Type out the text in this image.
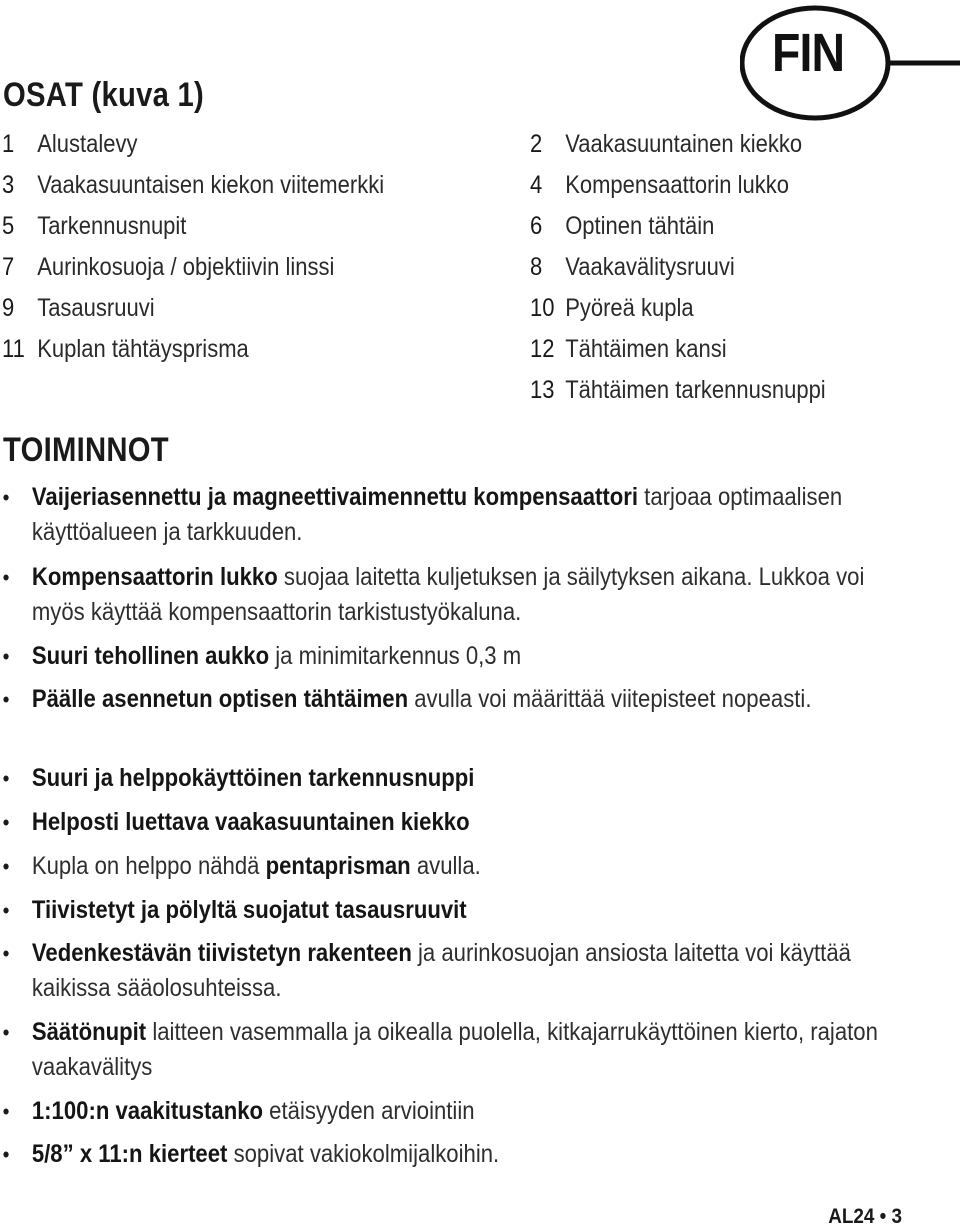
FIN
OSAT (kuva 1)
1 Alustalevy
3 Vaakasuuntaisen kiekon viitemerkki
5 Tarkennusnupit
7 Aurinkosuoja / objektiivin linssi
9 Tasausruuvi
11 Kuplan tähtäysprisma
2 Vaakasuuntainen kiekko
4 Kompensaattorin lukko
6 Optinen tähtäin
8 Vaakavälitysruuvi
10 Pyöreä kupla
12 Tähtäimen kansi
13 Tähtäimen tarkennusnuppi
TOIMINNOT
• Vaijeriasennettu ja magneettivaimennettu kompensaattori tarjoaa optimaalisen käyttöalueen ja tarkkuuden.
• Kompensaattorin lukko suojaa laitetta kuljetuksen ja säilytyksen aikana. Lukkoa voi myös käyttää kompensaattorin tarkistustyökaluna.
• Suuri tehollinen aukko ja minimitarkennus 0,3 m
• Päälle asennetun optisen tähtäimen avulla voi määrittää viitepisteet nopeasti.
• Suuri ja helppokäyttöinen tarkennusnuppi
• Helposti luettava vaakasuuntainen kiekko
• Kupla on helppo nähdä pentaprisman avulla.
• Tiivistetyt ja pölyltä suojatut tasausruuvit
• Vedenkestävän tiivistetyn rakenteen ja aurinkosuojan ansiosta laitetta voi käyttää kaikissa sääolosuhteissa.
• Säätönupit laitteen vasemmalla ja oikealla puolella, kitkajarrukäyttöinen kierto, rajaton vaakavälitys
• 1:100:n vaakitustanko etäisyyden arviointiin
• 5/8” x 11:n kierteet sopivat vakiokolmijalkoihin.
AL24 • 3
